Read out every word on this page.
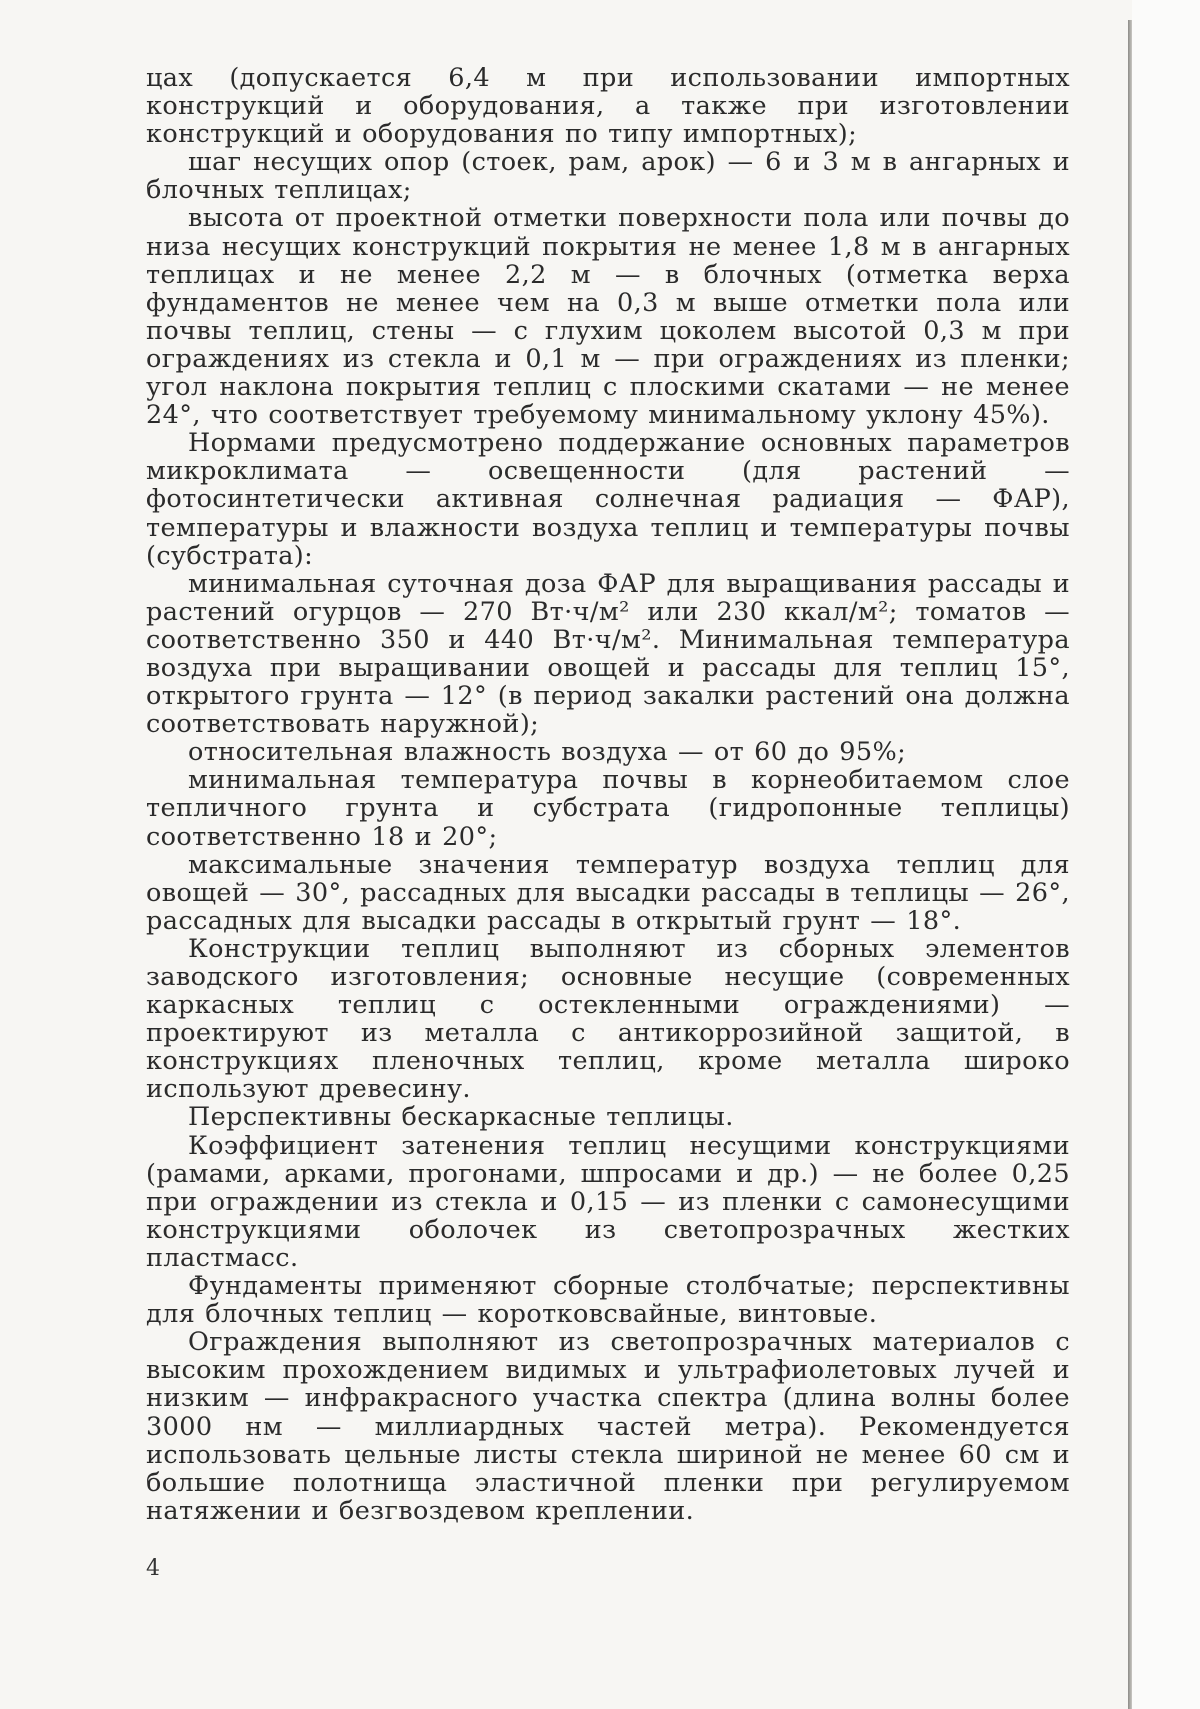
цах (допускается 6,4 м при использовании импортных конструкций и оборудования, а также при изготовлении конструкций и оборудования по типу импортных);

шаг несущих опор (стоек, рам, арок) — 6 и 3 м в ангарных и блочных теплицах;

высота от проектной отметки поверхности пола или почвы до низа несущих конструкций покрытия не менее 1,8 м в ангарных теплицах и не менее 2,2 м — в блочных (отметка верха фундаментов не менее чем на 0,3 м выше отметки пола или почвы теплиц, стены — с глухим цоколем высотой 0,3 м при ограждениях из стекла и 0,1 м — при ограждениях из пленки; угол наклона покрытия теплиц с плоскими скатами — не менее 24°, что соответствует требуемому минимальному уклону 45%).

Нормами предусмотрено поддержание основных параметров микроклимата — освещенности (для растений — фотосинтетически активная солнечная радиация — ФАР), температуры и влажности воздуха теплиц и температуры почвы (субстрата):

минимальная суточная доза ФАР для выращивания рассады и растений огурцов — 270 Вт·ч/м² или 230 ккал/м²; томатов — соответственно 350 и 440 Вт·ч/м². Минимальная температура воздуха при выращивании овощей и рассады для теплиц 15°, открытого грунта — 12° (в период закалки растений она должна соответствовать наружной);

относительная влажность воздуха — от 60 до 95%;

минимальная температура почвы в корнеобитаемом слое тепличного грунта и субстрата (гидропонные теплицы) соответственно 18 и 20°;

максимальные значения температур воздуха теплиц для овощей — 30°, рассадных для высадки рассады в теплицы — 26°, рассадных для высадки рассады в открытый грунт — 18°.

Конструкции теплиц выполняют из сборных элементов заводского изготовления; основные несущие (современных каркасных теплиц с остекленными ограждениями) — проектируют из металла с антикоррозийной защитой, в конструкциях пленочных теплиц, кроме металла широко используют древесину.

Перспективны бескаркасные теплицы.

Коэффициент затенения теплиц несущими конструкциями (рамами, арками, прогонами, шпросами и др.) — не более 0,25 при ограждении из стекла и 0,15 — из пленки с самонесущими конструкциями оболочек из светопрозрачных жестких пластмасс.

Фундаменты применяют сборные столбчатые; перспективны для блочных теплиц — коротковсвайные, винтовые.

Ограждения выполняют из светопрозрачных материалов с высоким прохождением видимых и ультрафиолетовых лучей и низким — инфракрасного участка спектра (длина волны более 3000 нм — миллиардных частей метра). Рекомендуется использовать цельные листы стекла шириной не менее 60 см и большие полотнища эластичной пленки при регулируемом натяжении и безгвоздевом креплении.

4
